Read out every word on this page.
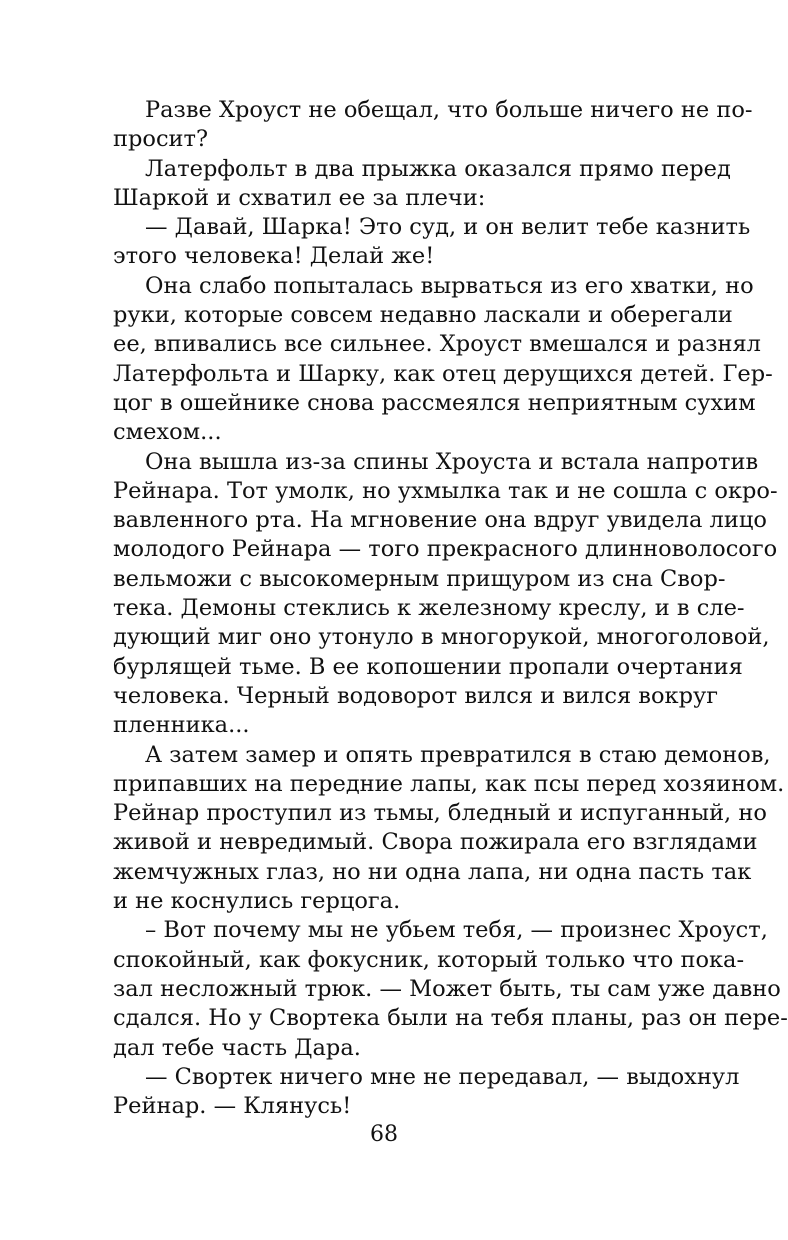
Разве Хроуст не обещал, что больше ничего не по-
просит?
Латерфольт в два прыжка оказался прямо перед
Шаркой и схватил ее за плечи:
— Давай, Шарка! Это суд, и он велит тебе казнить
этого человека! Делай же!
Она слабо попыталась вырваться из его хватки, но
руки, которые совсем недавно ласкали и оберегали
ее, впивались все сильнее. Хроуст вмешался и разнял
Латерфольта и Шарку, как отец дерущихся детей. Гер-
цог в ошейнике снова рассмеялся неприятным сухим
смехом...
Она вышла из-за спины Хроуста и встала напротив
Рейнара. Тот умолк, но ухмылка так и не сошла с окро-
вавленного рта. На мгновение она вдруг увидела лицо
молодого Рейнара — того прекрасного длинноволосого
вельможи с высокомерным прищуром из сна Свор-
тека. Демоны стеклись к железному креслу, и в сле-
дующий миг оно утонуло в многорукой, многоголовой,
бурлящей тьме. В ее копошении пропали очертания
человека. Черный водоворот вился и вился вокруг
пленника...
А затем замер и опять превратился в стаю демонов,
припавших на передние лапы, как псы перед хозяином.
Рейнар проступил из тьмы, бледный и испуганный, но
живой и невредимый. Свора пожирала его взглядами
жемчужных глаз, но ни одна лапа, ни одна пасть так
и не коснулись герцога.
– Вот почему мы не убьем тебя, — произнес Хроуст,
спокойный, как фокусник, который только что пока-
зал несложный трюк. — Может быть, ты сам уже давно
сдался. Но у Свортека были на тебя планы, раз он пере-
дал тебе часть Дара.
— Свортек ничего мне не передавал, — выдохнул
Рейнар. — Клянусь!
68
